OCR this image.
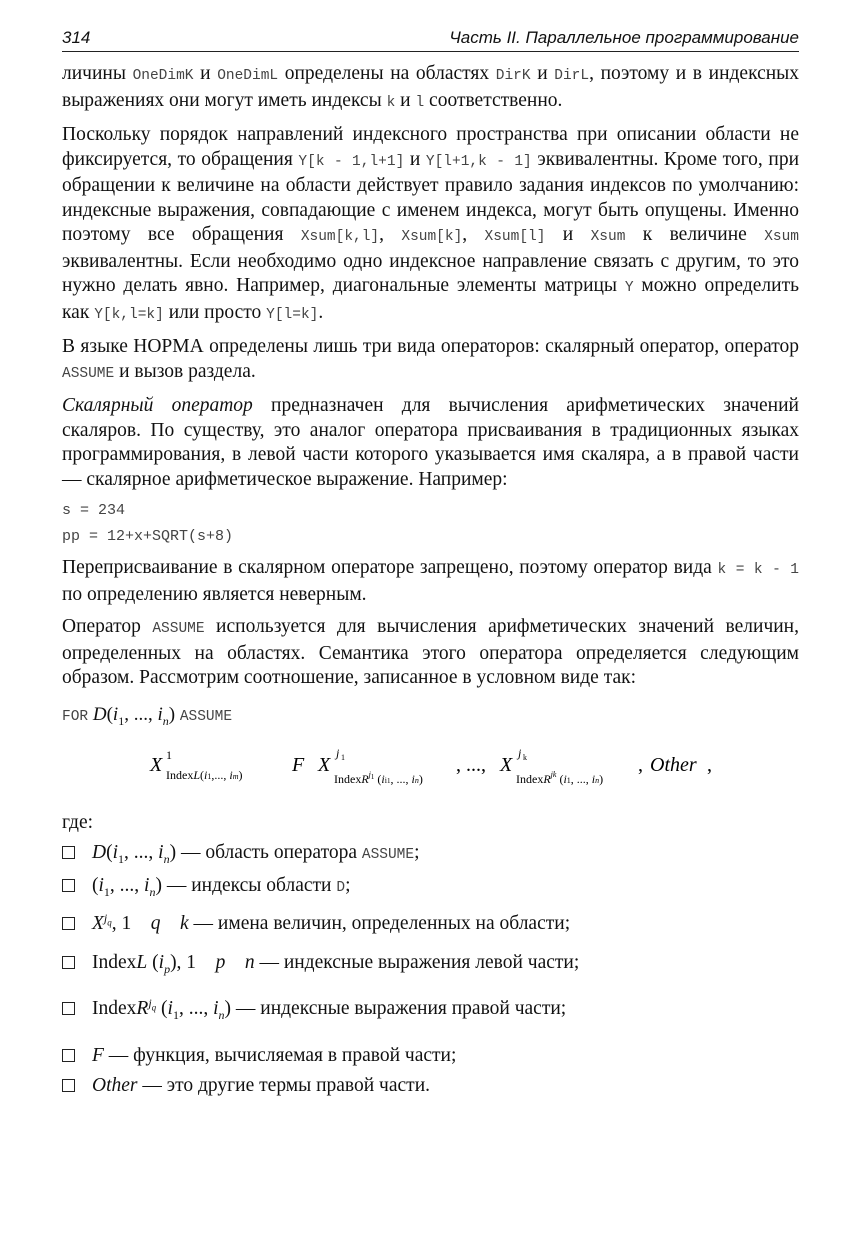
314	Часть II. Параллельное программирование

личины OneDimK и OneDimL определены на областях DirK и DirL, поэтому и в индексных выражениях они могут иметь индексы k и l соответственно.

Поскольку порядок направлений индексного пространства при описании области не фиксируется, то обращения Y[k - 1,l+1] и Y[l+1,k - 1] эквивалентны. Кроме того, при обращении к величине на области действует правило задания индексов по умолчанию: индексные выражения, совпадающие с именем индекса, могут быть опущены. Именно поэтому все обращения Xsum[k,l], Xsum[k], Xsum[l] и Xsum к величине Xsum эквивалентны. Если необходимо одно индексное направление связать с другим, то это нужно делать явно. Например, диагональные элементы матрицы Y можно определить как Y[k,l=k] или просто Y[l=k].

В языке НОРМА определены лишь три вида операторов: скалярный оператор, оператор ASSUME и вызов раздела.

Скалярный оператор предназначен для вычисления арифметических значений скаляров. По существу, это аналог оператора присваивания в традиционных языках программирования, в левой части которого указывается имя скаляра, а в правой части — скалярное арифметическое выражение. Например:

s = 234

pp = 12+x+SQRT(s+8)

Переприсваивание в скалярном операторе запрещено, поэтому оператор вида k = k - 1 по определению является неверным.

Оператор ASSUME используется для вычисления арифметических значений величин, определенных на областях. Семантика этого оператора определяется следующим образом. Рассмотрим соотношение, записанное в условном виде так:

FOR $D(i_1$, ..., $i_n$) ASSUME
X 1
IndexL(i1,..., im) F X
j 1
IndexR$^j$1 (ii1, ..., in)
, ..., X
j k
IndexR$^{jk}$ (i1, ..., in)
, Other ,

где:

$D(i_1$, ..., $i_n$) — область оператора ASSUME;
($i_1$, ..., $i_n$) — индексы области D;
$X^{j_q}$, 1    q k — имена величин, определенных на области;
IndexL $(i_p)$, 1    p n — индексные выражения левой части;
IndexR$^{j_q}$ ($i_1$, ..., $i_n$) — индексные выражения правой части;
F — функция, вычисляемая в правой части;
Other — это другие термы правой части.
